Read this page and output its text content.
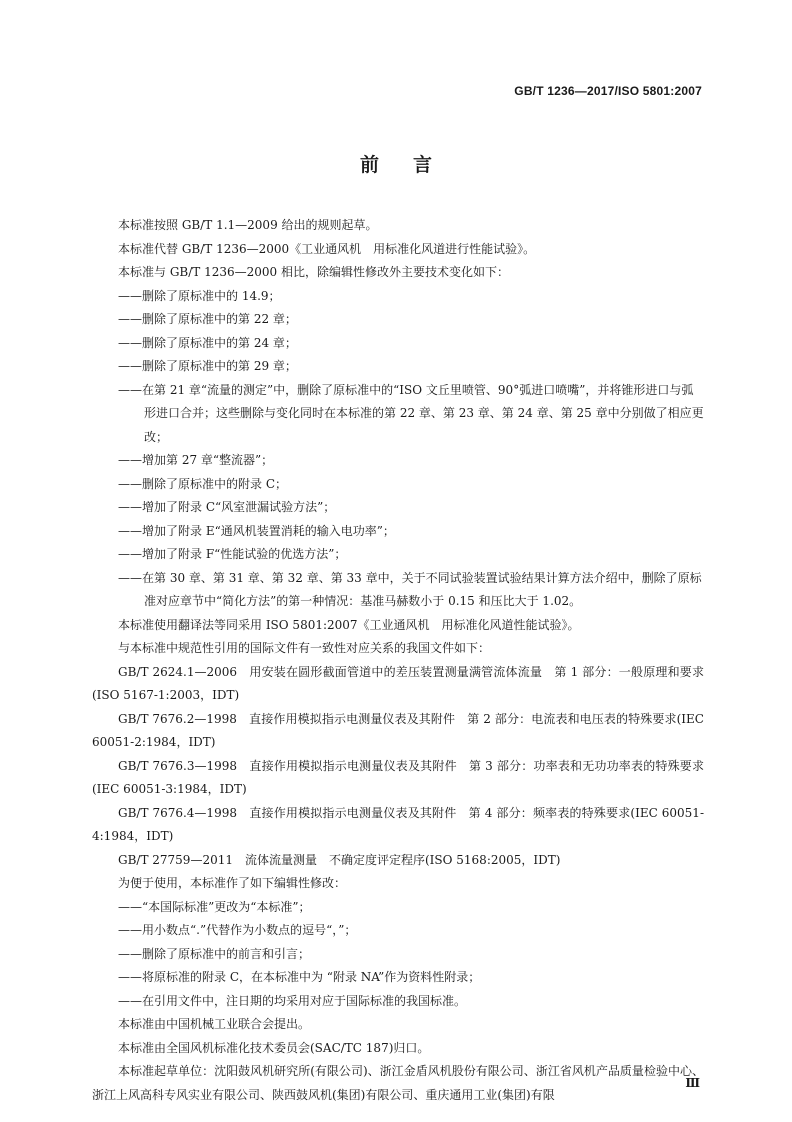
GB/T 1236—2017/ISO 5801:2007
前言

本标准按照 GB/T 1.1—2009 给出的规则起草。

本标准代替 GB/T 1236—2000《工业通风机　用标准化风道进行性能试验》。

本标准与 GB/T 1236—2000 相比，除编辑性修改外主要技术变化如下：

——删除了原标准中的 14.9；

——删除了原标准中的第 22 章；

——删除了原标准中的第 24 章；

——删除了原标准中的第 29 章；

——在第 21 章“流量的测定”中，删除了原标准中的“ISO 文丘里喷管、90°弧进口喷嘴”，并将锥形进口与弧形进口合并；这些删除与变化同时在本标准的第 22 章、第 23 章、第 24 章、第 25 章中分别做了相应更改；

——增加第 27 章“整流器”；

——删除了原标准中的附录 C；

——增加了附录 C“风室泄漏试验方法”；

——增加了附录 E“通风机装置消耗的输入电功率”；

——增加了附录 F“性能试验的优选方法”；

——在第 30 章、第 31 章、第 32 章、第 33 章中，关于不同试验装置试验结果计算方法介绍中，删除了原标准对应章节中“简化方法”的第一种情况：基准马赫数小于 0.15 和压比大于 1.02。

本标准使用翻译法等同采用 ISO 5801:2007《工业通风机　用标准化风道性能试验》。

与本标准中规范性引用的国际文件有一致性对应关系的我国文件如下：

GB/T 2624.1—2006　用安装在圆形截面管道中的差压装置测量满管流体流量　第 1 部分：一般原理和要求(ISO 5167-1:2003，IDT)

GB/T 7676.2—1998　直接作用模拟指示电测量仪表及其附件　第 2 部分：电流表和电压表的特殊要求(IEC 60051-2:1984，IDT)

GB/T 7676.3—1998　直接作用模拟指示电测量仪表及其附件　第 3 部分：功率表和无功功率表的特殊要求(IEC 60051-3:1984，IDT)

GB/T 7676.4—1998　直接作用模拟指示电测量仪表及其附件　第 4 部分：频率表的特殊要求(IEC 60051-4:1984，IDT)

GB/T 27759—2011　流体流量测量　不确定度评定程序(ISO 5168:2005，IDT)

为便于使用，本标准作了如下编辑性修改：

——“本国际标准”更改为“本标准”；

——用小数点“.”代替作为小数点的逗号“，”；

——删除了原标准中的前言和引言；

——将原标准的附录 C，在本标准中为 “附录 NA”作为资料性附录；

——在引用文件中，注日期的均采用对应于国际标准的我国标准。

本标准由中国机械工业联合会提出。

本标准由全国风机标准化技术委员会(SAC/TC 187)归口。

本标准起草单位：沈阳鼓风机研究所(有限公司)、浙江金盾风机股份有限公司、浙江省风机产品质量检验中心、浙江上风高科专风实业有限公司、陕西鼓风机(集团)有限公司、重庆通用工业(集团)有限

Ⅲ
